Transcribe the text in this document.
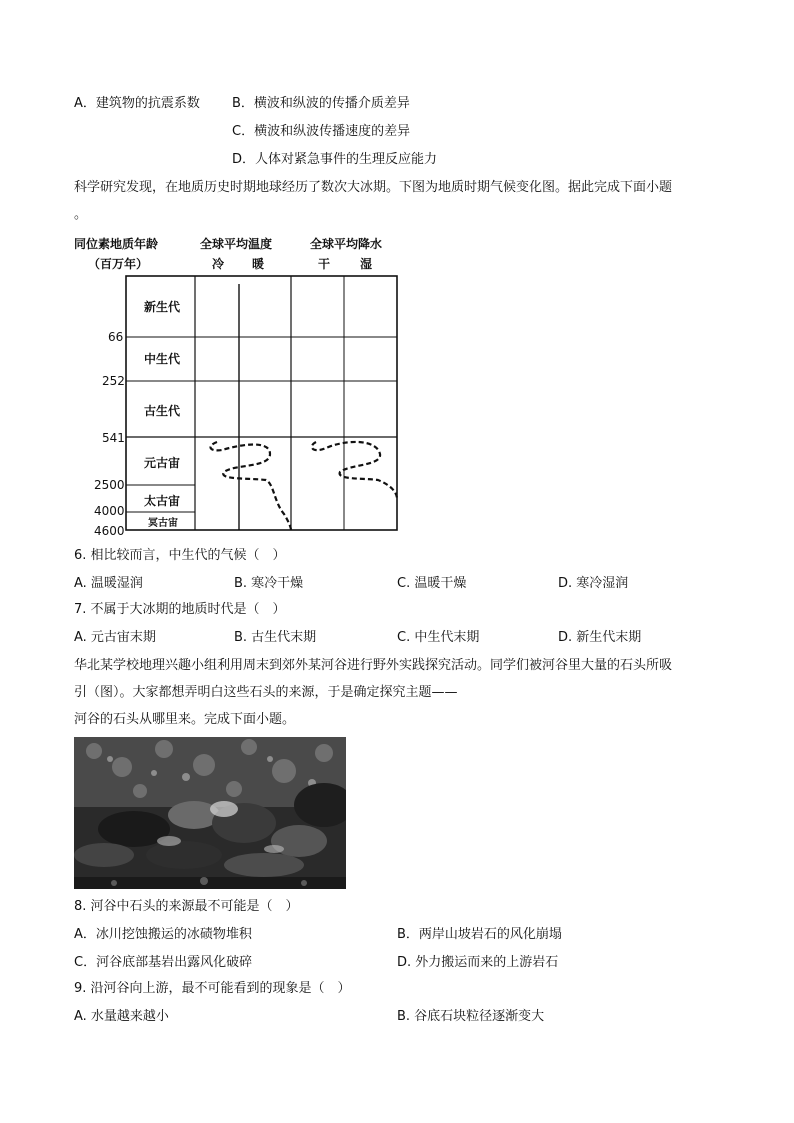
A．建筑物的抗震系数 B．横波和纵波的传播介质差异
C．横波和纵波传播速度的差异
D．人体对紧急事件的生理反应能力
科学研究发现，在地质历史时期地球经历了数次大冰期。下图为地质时期气候变化图。据此完成下面小题
。
同位素地质年龄
（百万年）
全球平均温度
冷 暖
全球平均降水
干 湿
新生代
中生代
古生代
元古宙
太古宙
冥古宙
66
252
541
2500
4000
4600
6. 相比较而言，中生代的气候（　）
A. 温暖湿润	B. 寒冷干燥	C. 温暖干燥	D. 寒冷湿润
7. 不属于大冰期的地质时代是（　）
A. 元古宙末期	B. 古生代末期	C. 中生代末期	D. 新生代末期
华北某学校地理兴趣小组利用周末到郊外某河谷进行野外实践探究活动。同学们被河谷里大量的石头所吸
引（图）。大家都想弄明白这些石头的来源，于是确定探究主题——
河谷的石头从哪里来。完成下面小题。
8. 河谷中石头的来源最不可能是（　）
A．冰川挖蚀搬运的冰碛物堆积	B．两岸山坡岩石的风化崩塌
C．河谷底部基岩出露风化破碎	D. 外力搬运而来的上游岩石
9. 沿河谷向上游，最不可能看到的现象是（　）
A. 水量越来越小	B. 谷底石块粒径逐渐变大
